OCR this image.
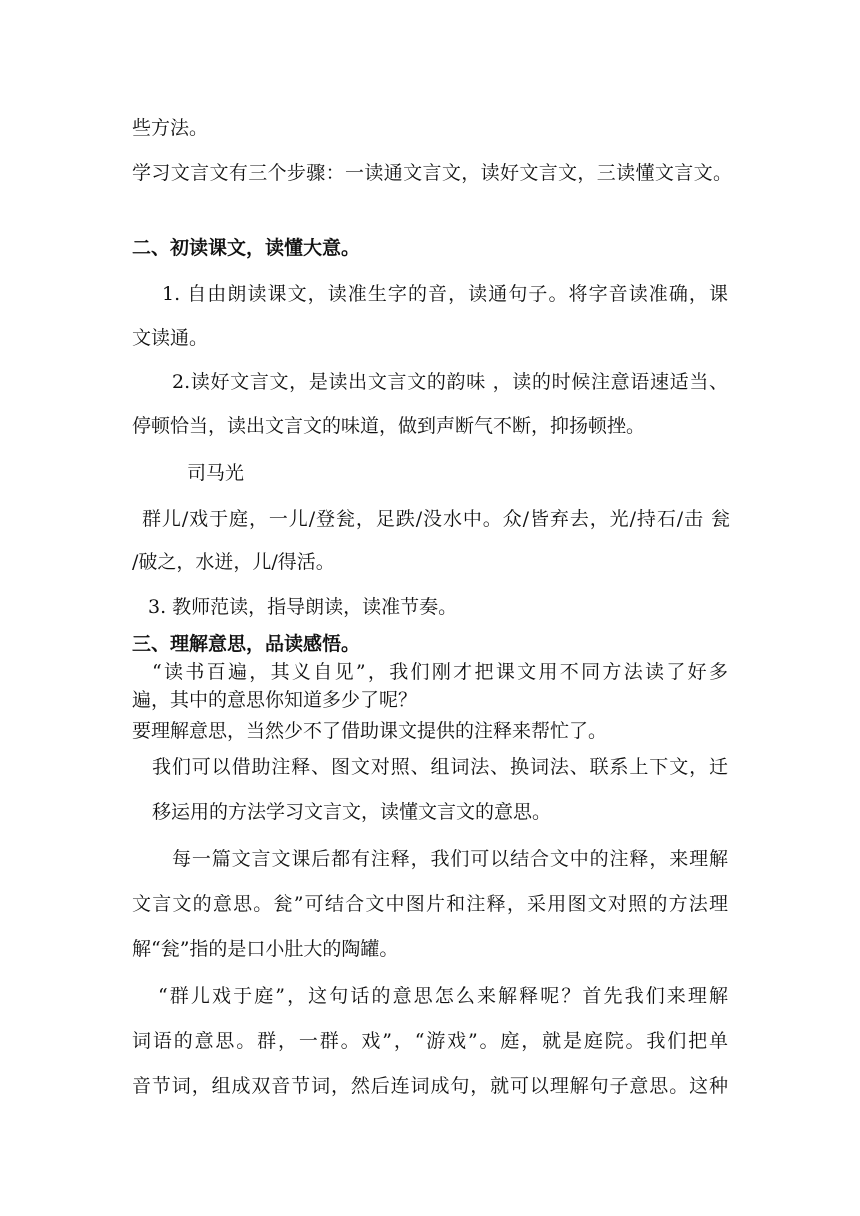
些方法。

学习文言文有三个步骤：一读通文言文，读好文言文，三读懂文言文。

二、初读课文，读懂大意。

1. 自由朗读课文，读准生字的音，读通句子。将字音读准确，课

文读通。

2.读好文言文，是读出文言文的韵味 ，读的时候注意语速适当、

停顿恰当，读出文言文的味道，做到声断气不断，抑扬顿挫。

司马光

群儿/戏于庭，一儿/登瓮，足跌/没水中。众/皆弃去，光/持石/击 瓮

/破之，水迸，儿/得活。

3. 教师范读，指导朗读，读准节奏。

三、理解意思，品读感悟。

“读书百遍，其义自见”，我们刚才把课文用不同方法读了好多

遍，其中的意思你知道多少了呢？

要理解意思，当然少不了借助课文提供的注释来帮忙了。

我们可以借助注释、图文对照、组词法、换词法、联系上下文，迁

移运用的方法学习文言文，读懂文言文的意思。

每一篇文言文课后都有注释，我们可以结合文中的注释，来理解

文言文的意思。瓮”可结合文中图片和注释，采用图文对照的方法理

解“瓮”指的是口小肚大的陶罐。

“群儿戏于庭”，这句话的意思怎么来解释呢？首先我们来理解

词语的意思。群，一群。戏”，“游戏”。庭，就是庭院。我们把单

音节词，组成双音节词，然后连词成句，就可以理解句子意思。这种
